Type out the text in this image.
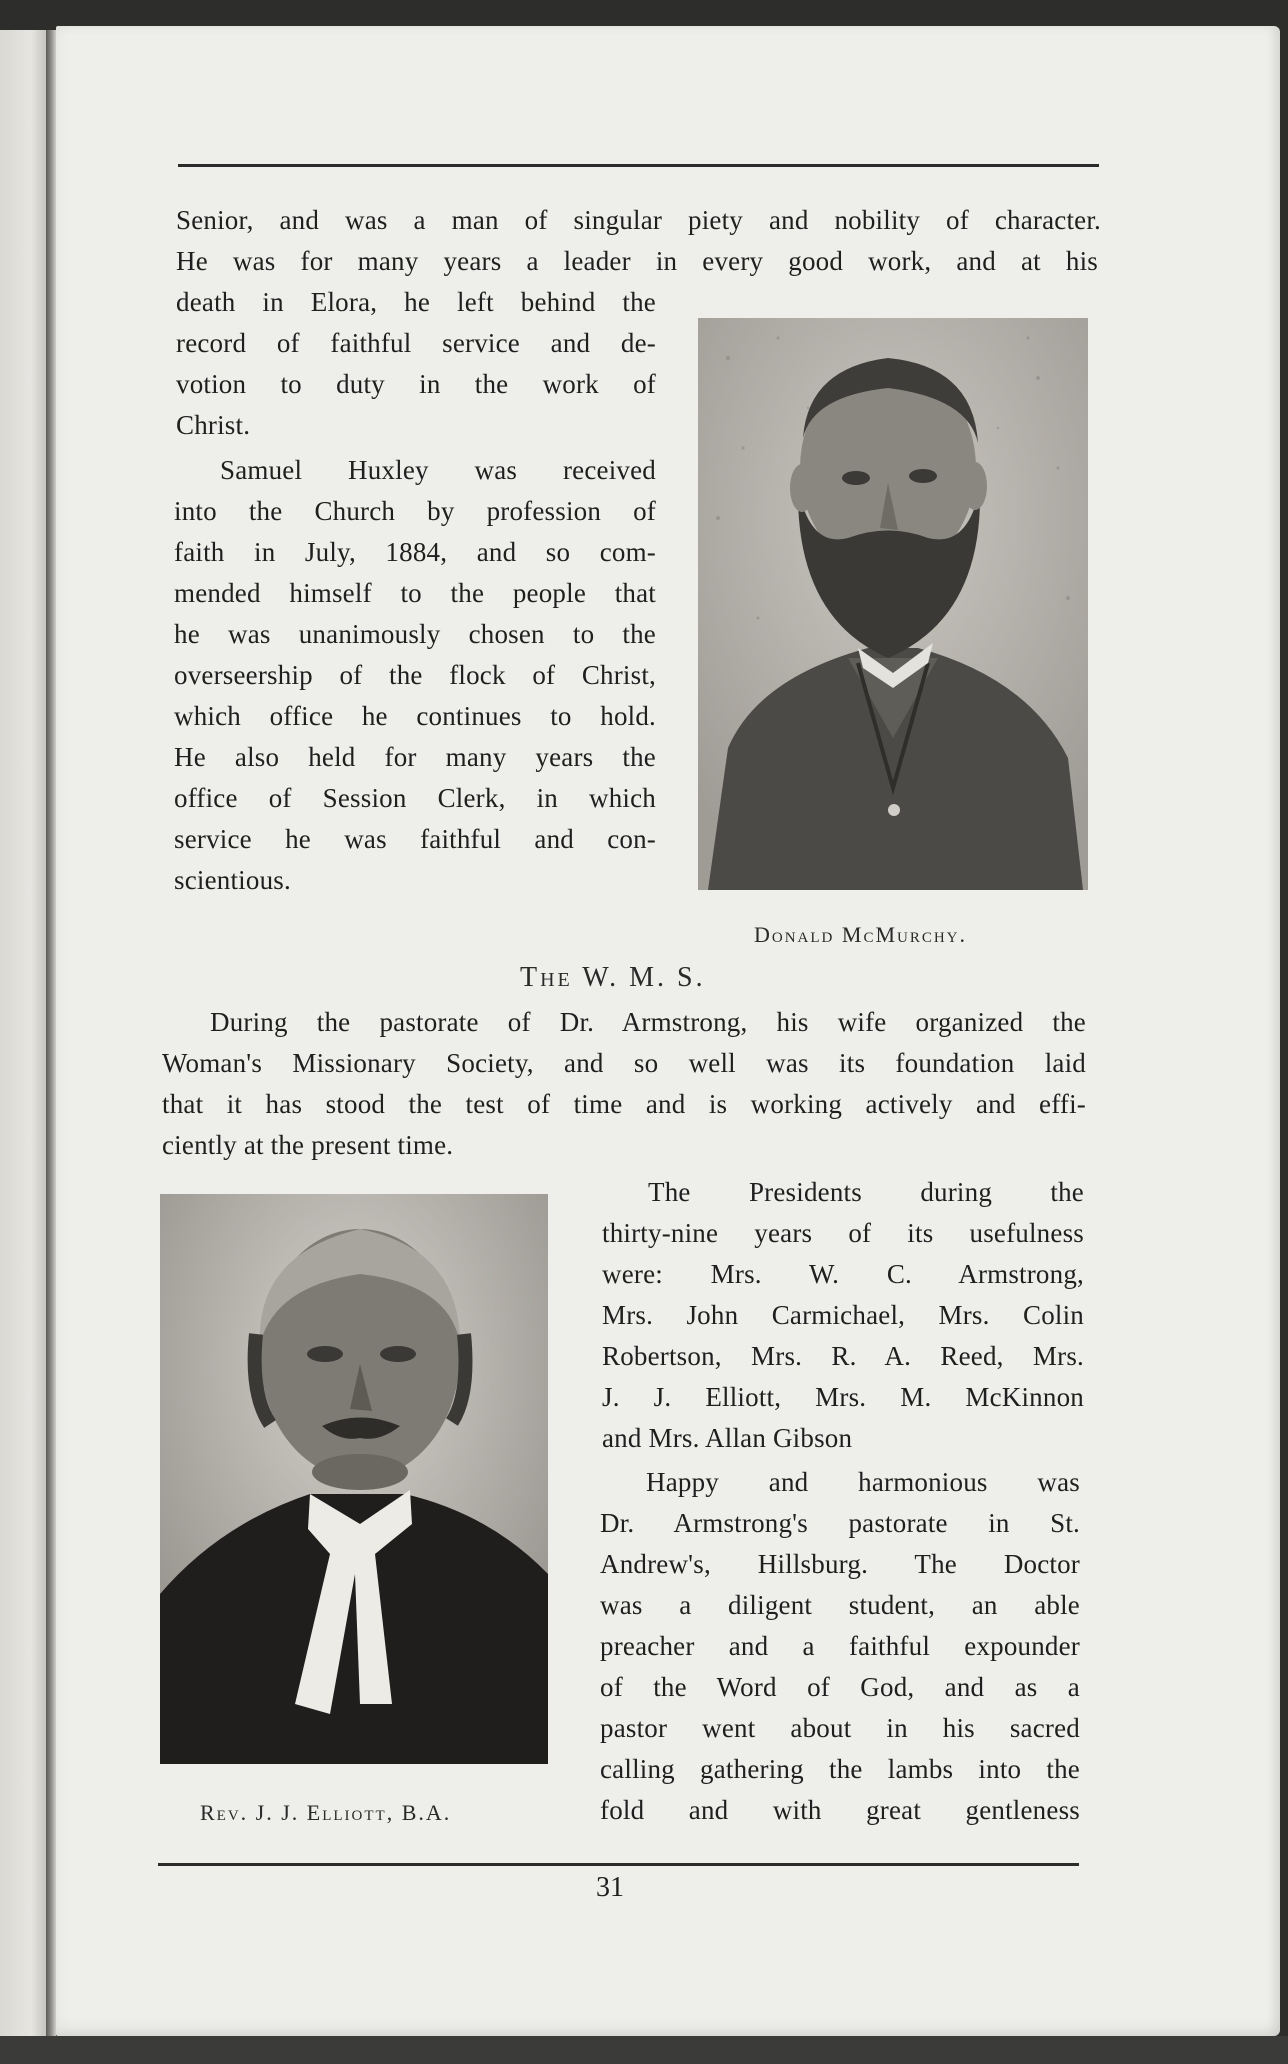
Senior, and was a man of singular piety and nobility of character.

He was for many years a leader in every good work, and at his

death in Elora, he left behind the

record of faithful service and de-

votion to duty in the work of

Christ.

Samuel Huxley was received

into the Church by profession of

faith in July, 1884, and so com-

mended himself to the people that

he was unanimously chosen to the

overseership of the flock of Christ,

which office he continues to hold.

He also held for many years the

office of Session Clerk, in which

service he was faithful and con-

scientious.

Donald McMurchy.
The W. M. S.

During the pastorate of Dr. Armstrong, his wife organized the

Woman's Missionary Society, and so well was its foundation laid

that it has stood the test of time and is working actively and effi-

ciently at the present time.

Rev. J. J. Elliott, B.A.

The Presidents during the

thirty-nine years of its usefulness

were: Mrs. W. C. Armstrong,

Mrs. John Carmichael, Mrs. Colin

Robertson, Mrs. R. A. Reed, Mrs.

J. J. Elliott, Mrs. M. McKinnon

and Mrs. Allan Gibson

Happy and harmonious was

Dr. Armstrong's pastorate in St.

Andrew's, Hillsburg. The Doctor

was a diligent student, an able

preacher and a faithful expounder

of the Word of God, and as a

pastor went about in his sacred

calling gathering the lambs into the

fold and with great gentleness

31
